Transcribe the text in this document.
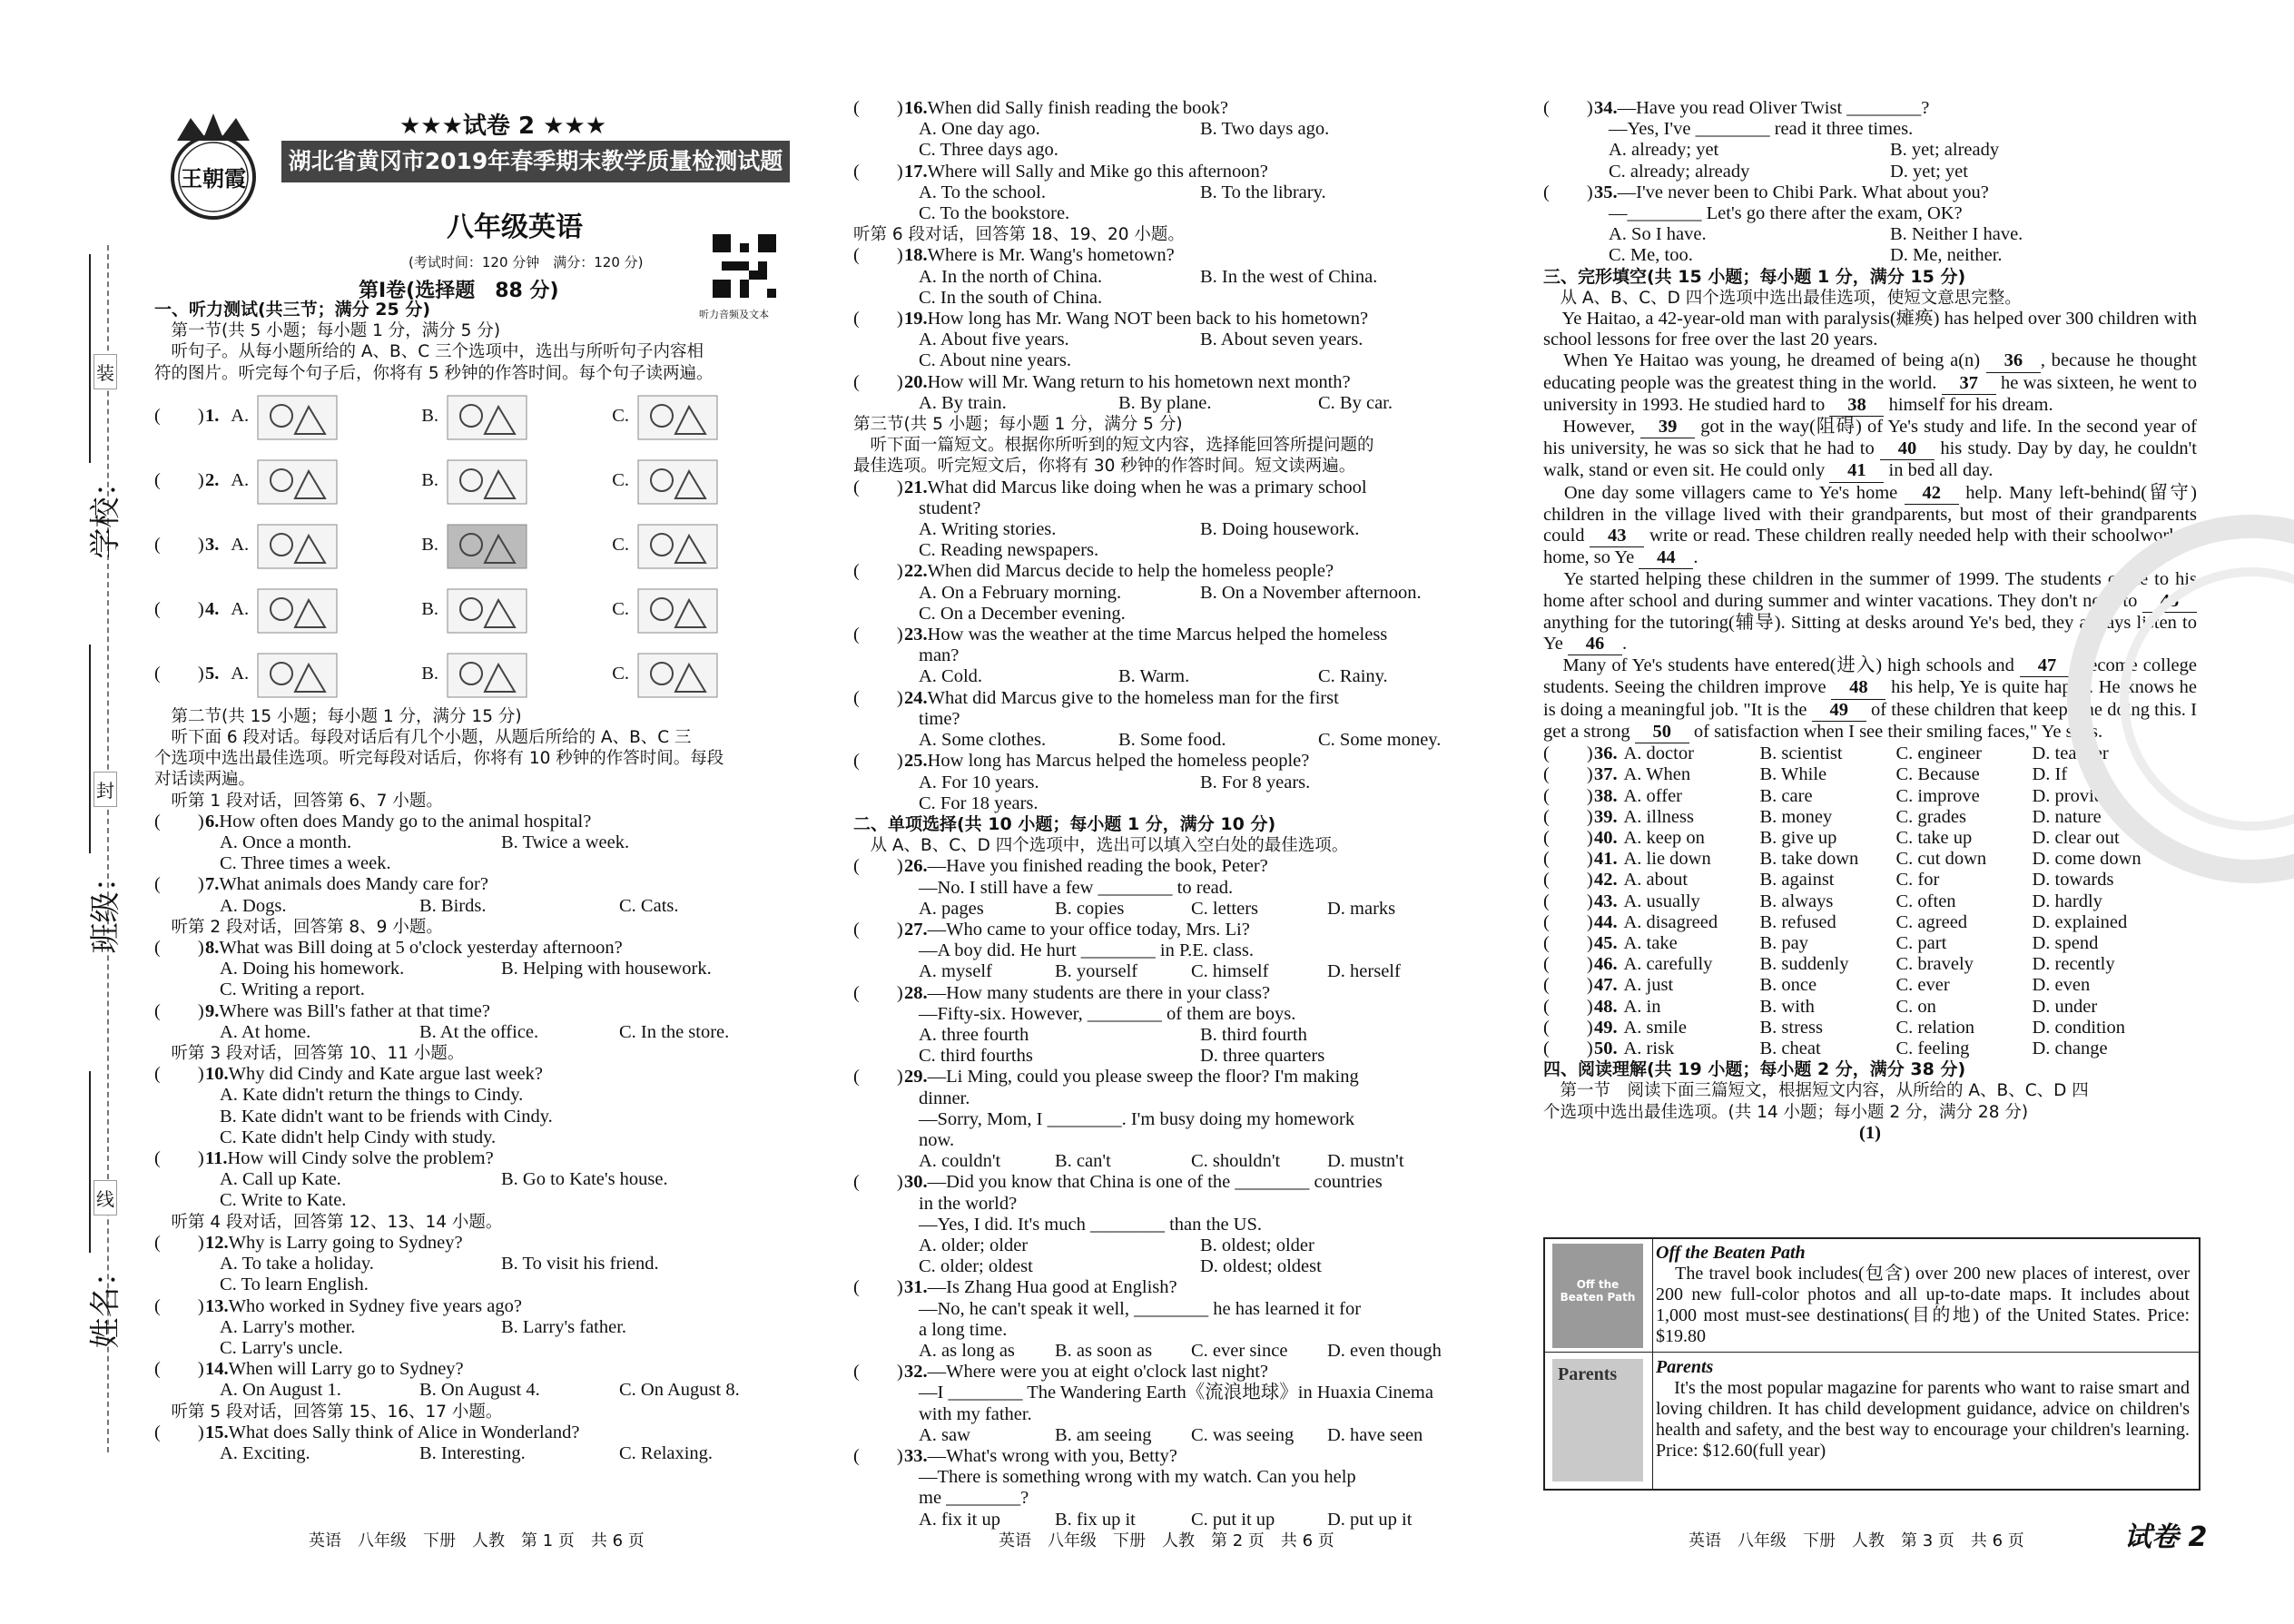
学校：
班级：
姓名：
装
封
线
王朝霞
★★★试卷 2 ★★★
湖北省黄冈市2019年春季期末教学质量检测试题
八年级英语
(考试时间：120 分钟　满分：120 分)
第Ⅰ卷(选择题　88 分)
听力音频及文本
一、听力测试(共三节；满分 25 分)
　第一节(共 5 小题；每小题 1 分，满分 5 分)
　听句子。从每小题所给的 A、B、C 三个选项中，选出与所听句子内容相
符的图片。听完每个句子后，你将有 5 秒钟的作答时间。每个句子读两遍。
(　　)1. A.	B.	C.
(　　)2. A.	B.	C.
(　　)3. A.	B.	C.
(　　)4. A.	B.	C.
(　　)5. A.	B.	C.
　第二节(共 15 小题；每小题 1 分，满分 15 分)
　听下面 6 段对话。每段对话后有几个小题，从题后所给的 A、B、C 三
个选项中选出最佳选项。听完每段对话后，你将有 10 秒钟的作答时间。每段
对话读两遍。
　听第 1 段对话，回答第 6、7 小题。
(　　)6.How often does Mandy go to the animal hospital?
A. Once a month.	B. Twice a week.
C. Three times a week.
(　　)7.What animals does Mandy care for?
A. Dogs.	B. Birds.	C. Cats.
　听第 2 段对话，回答第 8、9 小题。
(　　)8.What was Bill doing at 5 o'clock yesterday afternoon?
A. Doing his homework.	B. Helping with housework.
C. Writing a report.
(　　)9.Where was Bill's father at that time?
A. At home.	B. At the office.	C. In the store.
　听第 3 段对话，回答第 10、11 小题。
(　　)10.Why did Cindy and Kate argue last week?
A. Kate didn't return the things to Cindy.
B. Kate didn't want to be friends with Cindy.
C. Kate didn't help Cindy with study.
(　　)11.How will Cindy solve the problem?
A. Call up Kate.	B. Go to Kate's house.
C. Write to Kate.
　听第 4 段对话，回答第 12、13、14 小题。
(　　)12.Why is Larry going to Sydney?
A. To take a holiday.	B. To visit his friend.
C. To learn English.
(　　)13.Who worked in Sydney five years ago?
A. Larry's mother.	B. Larry's father.
C. Larry's uncle.
(　　)14.When will Larry go to Sydney?
A. On August 1.	B. On August 4.	C. On August 8.
　听第 5 段对话，回答第 15、16、17 小题。
(　　)15.What does Sally think of Alice in Wonderland?
A. Exciting.	B. Interesting.	C. Relaxing.
(　　)16.When did Sally finish reading the book?
A. One day ago.	B. Two days ago.
C. Three days ago.
(　　)17.Where will Sally and Mike go this afternoon?
A. To the school.	B. To the library.
C. To the bookstore.
听第 6 段对话，回答第 18、19、20 小题。
(　　)18.Where is Mr. Wang's hometown?
A. In the north of China.	B. In the west of China.
C. In the south of China.
(　　)19.How long has Mr. Wang NOT been back to his hometown?
A. About five years.	B. About seven years.
C. About nine years.
(　　)20.How will Mr. Wang return to his hometown next month?
A. By train.	B. By plane.	C. By car.
第三节(共 5 小题；每小题 1 分，满分 5 分)
　听下面一篇短文。根据你所听到的短文内容，选择能回答所提问题的
最佳选项。听完短文后，你将有 30 秒钟的作答时间。短文读两遍。
(　　)21.What did Marcus like doing when he was a primary school
student?
A. Writing stories.	B. Doing housework.
C. Reading newspapers.
(　　)22.When did Marcus decide to help the homeless people?
A. On a February morning.	B. On a November afternoon.
C. On a December evening.
(　　)23.How was the weather at the time Marcus helped the homeless
man?
A. Cold.	B. Warm.	C. Rainy.
(　　)24.What did Marcus give to the homeless man for the first
time?
A. Some clothes.	B. Some food.	C. Some money.
(　　)25.How long has Marcus helped the homeless people?
A. For 10 years.	B. For 8 years.
C. For 18 years.
二、单项选择(共 10 小题；每小题 1 分，满分 10 分)
　从 A、B、C、D 四个选项中，选出可以填入空白处的最佳选项。
(　　)26.—Have you finished reading the book, Peter?
—No. I still have a few ________ to read.
A. pages	B. copies	C. letters	D. marks
(　　)27.—Who came to your office today, Mrs. Li?
—A boy did. He hurt ________ in P.E. class.
A. myself	B. yourself	C. himself	D. herself
(　　)28.—How many students are there in your class?
—Fifty-six. However, ________ of them are boys.
A. three fourth	B. third fourth
C. third fourths	D. three quarters
(　　)29.—Li Ming, could you please sweep the floor? I'm making
dinner.
—Sorry, Mom, I ________. I'm busy doing my homework
now.
A. couldn't	B. can't	C. shouldn't	D. mustn't
(　　)30.—Did you know that China is one of the ________ countries
in the world?
—Yes, I did. It's much ________ than the US.
A. older; older	B. oldest; older
C. older; oldest	D. oldest; oldest
(　　)31.—Is Zhang Hua good at English?
—No, he can't speak it well, ________ he has learned it for
a long time.
A. as long as B. as soon as C. ever since D. even though
(　　)32.—Where were you at eight o'clock last night?
—I ________ The Wandering Earth《流浪地球》in Huaxia Cinema
with my father.
A. saw	B. am seeing C. was seeing D. have seen
(　　)33.—What's wrong with you, Betty?
—There is something wrong with my watch. Can you help
me ________?
A. fix it up	B. fix up it	C. put it up	D. put up it
(　　)34.—Have you read Oliver Twist ________?
—Yes, I've ________ read it three times.
A. already; yet	B. yet; already
C. already; already	D. yet; yet
(　　)35.—I've never been to Chibi Park. What about you?
—________ Let's go there after the exam, OK?
A. So I have.	B. Neither I have.
C. Me, too.	D. Me, neither.
三、完形填空(共 15 小题；每小题 1 分，满分 15 分)
　从 A、B、C、D 四个选项中选出最佳选项，使短文意思完整。
　Ye Haitao, a 42-year-old man with paralysis(瘫痪) has helped over 300 children with school lessons for free over the last 20 years.
　When Ye Haitao was young, he dreamed of being a(n) 36 , because he thought educating people was the greatest thing in the world. 37 he was sixteen, he went to university in 1993. He studied hard to 38 himself for his dream.
　However, 39 got in the way(阻碍) of Ye's study and life. In the second year of his university, he was so sick that he had to 40 his study. Day by day, he couldn't walk, stand or even sit. He could only 41 in bed all day.
　One day some villagers came to Ye's home 42 help. Many left-behind(留守) children in the village lived with their grandparents, but most of their grandparents could 43 write or read. These children really needed help with their schoolwork at home, so Ye 44 .
　Ye started helping these children in the summer of 1999. The students come to his home after school and during summer and winter vacations. They don't need to 45 anything for the tutoring(辅导). Sitting at desks around Ye's bed, they always listen to Ye 46 .
　Many of Ye's students have entered(进入) high schools and 47 become college students. Seeing the children improve 48 his help, Ye is quite happy. He knows he is doing a meaningful job. "It is the 49 of these children that keeps me doing this. I get a strong 50 of satisfaction when I see their smiling faces," Ye says.
(　　)36. A. doctor	B. scientist	C. engineer	D. teacher
(　　)37. A. When	B. While	C. Because	D. If
(　　)38. A. offer	B. care	C. improve	D. provide
(　　)39. A. illness	B. money	C. grades	D. nature
(　　)40. A. keep on	B. give up	C. take up	D. clear out
(　　)41. A. lie down	B. take down C. cut down D. come down
(　　)42. A. about	B. against	C. for	D. towards
(　　)43. A. usually	B. always	C. often	D. hardly
(　　)44. A. disagreed B. refused	C. agreed	D. explained
(　　)45. A. take	B. pay	C. part	D. spend
(　　)46. A. carefully	B. suddenly	C. bravely	D. recently
(　　)47. A. just	B. once	C. ever	D. even
(　　)48. A. in	B. with	C. on	D. under
(　　)49. A. smile	B. stress	C. relation	D. condition
(　　)50. A. risk	B. cheat	C. feeling	D. change
四、阅读理解(共 19 小题；每小题 2 分，满分 38 分)
　第一节　阅读下面三篇短文，根据短文内容，从所给的 A、B、C、D 四
个选项中选出最佳选项。(共 14 小题；每小题 2 分，满分 28 分)
(1)
Off the Beaten Path
Off the Beaten Path
　The travel book includes(包含) over 200 new places of interest, over 200 new full-color photos and all up-to-date maps. It includes about 1,000 most must-see destinations(目的地) of the United States. Price: $19.80
Parents	Parents
　It's the most popular magazine for parents who want to raise smart and loving children. It has child development guidance, advice on children's health and safety, and the best way to encourage your children's learning. Price: $12.60(full year)
英语　八年级　下册　人教　第 1 页　共 6 页	英语　八年级　下册　人教　第 2 页　共 6 页	英语　八年级　下册　人教　第 3 页　共 6 页	试卷 2
